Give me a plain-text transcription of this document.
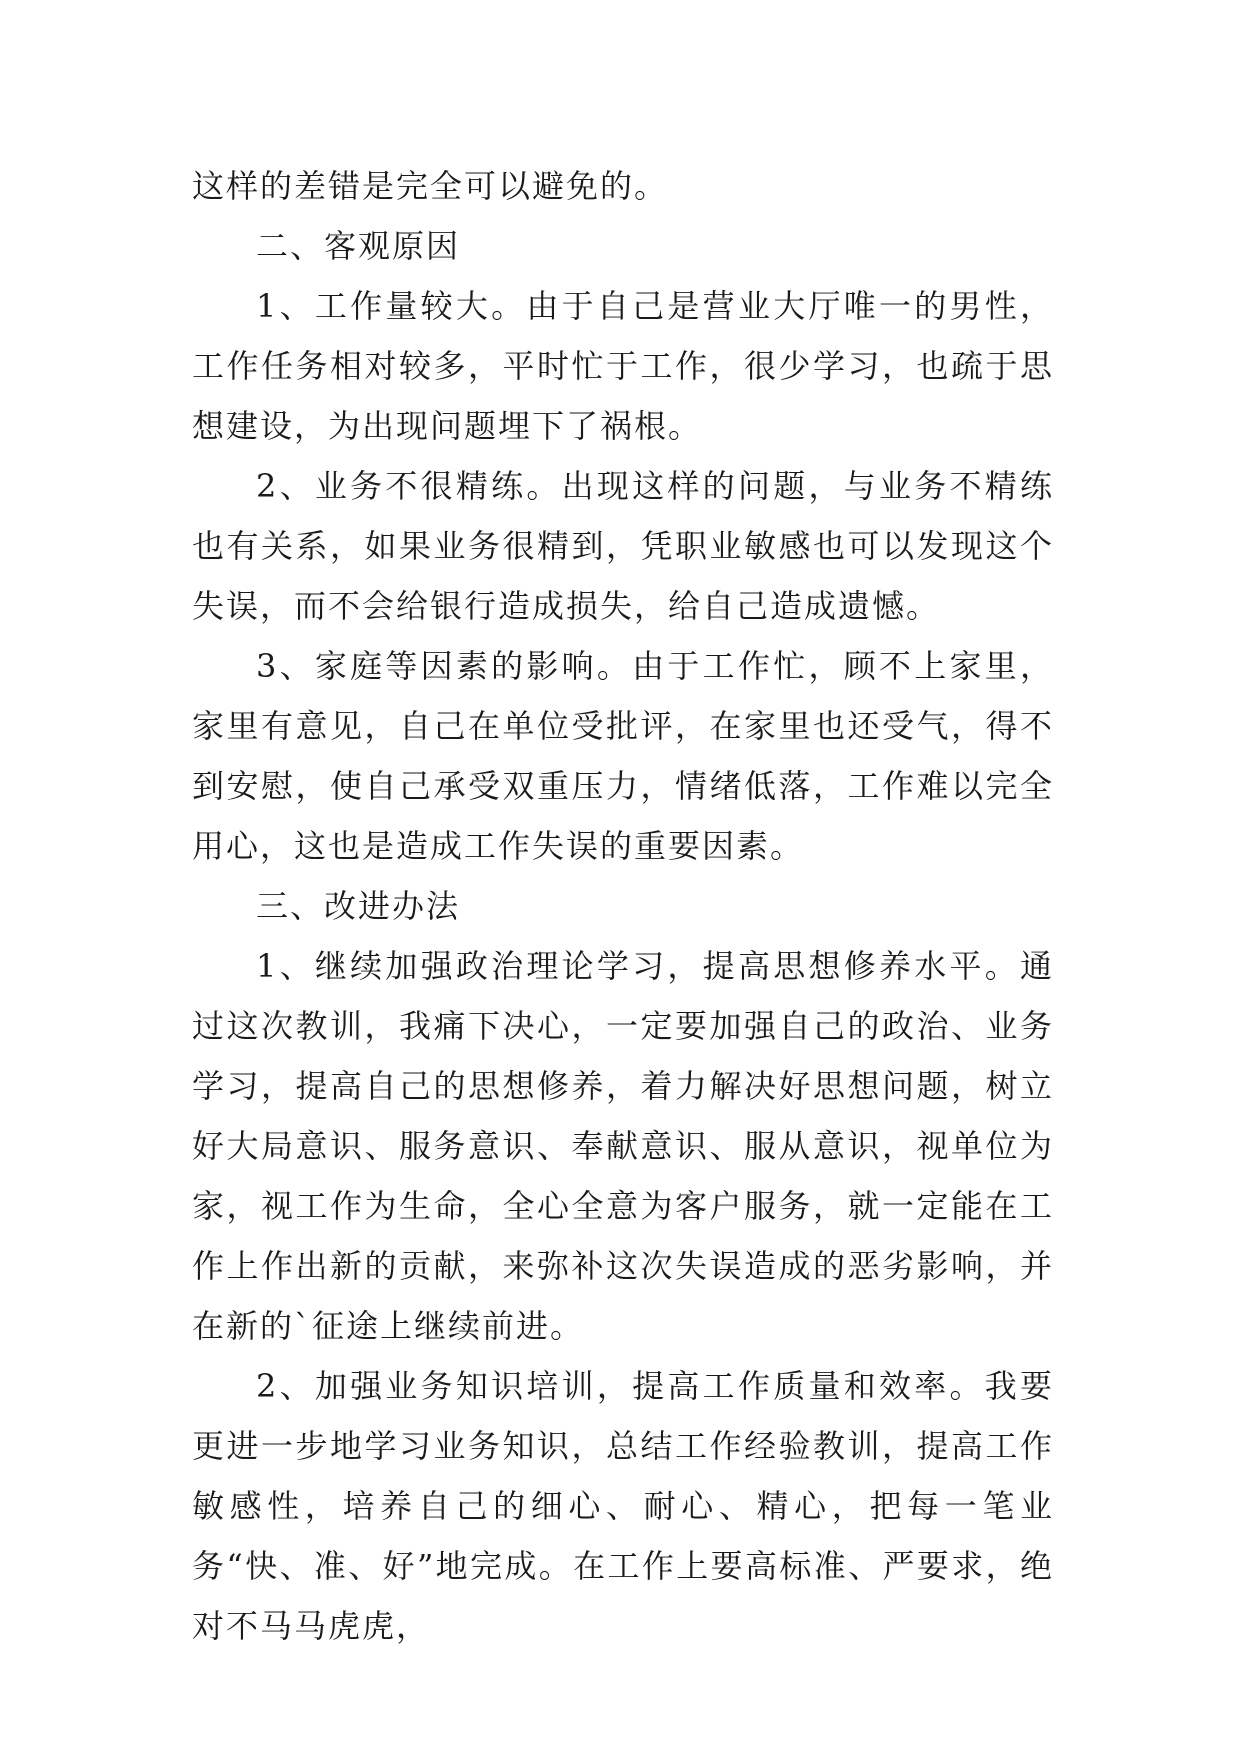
这样的差错是完全可以避免的。

二、客观原因

1、工作量较大。由于自己是营业大厅唯一的男性，工作任务相对较多，平时忙于工作，很少学习，也疏于思想建设，为出现问题埋下了祸根。

2、业务不很精练。出现这样的问题，与业务不精练也有关系，如果业务很精到，凭职业敏感也可以发现这个失误，而不会给银行造成损失，给自己造成遗憾。

3、家庭等因素的影响。由于工作忙，顾不上家里，家里有意见，自己在单位受批评，在家里也还受气，得不到安慰，使自己承受双重压力，情绪低落，工作难以完全用心，这也是造成工作失误的重要因素。

三、改进办法

1、继续加强政治理论学习，提高思想修养水平。通过这次教训，我痛下决心，一定要加强自己的政治、业务学习，提高自己的思想修养，着力解决好思想问题，树立好大局意识、服务意识、奉献意识、服从意识，视单位为家，视工作为生命，全心全意为客户服务，就一定能在工作上作出新的贡献，来弥补这次失误造成的恶劣影响，并在新的`征途上继续前进。

2、加强业务知识培训，提高工作质量和效率。我要更进一步地学习业务知识，总结工作经验教训，提高工作敏感性，培养自己的细心、耐心、精心，把每一笔业务“快、准、好”地完成。在工作上要高标准、严要求，绝对不马马虎虎，
